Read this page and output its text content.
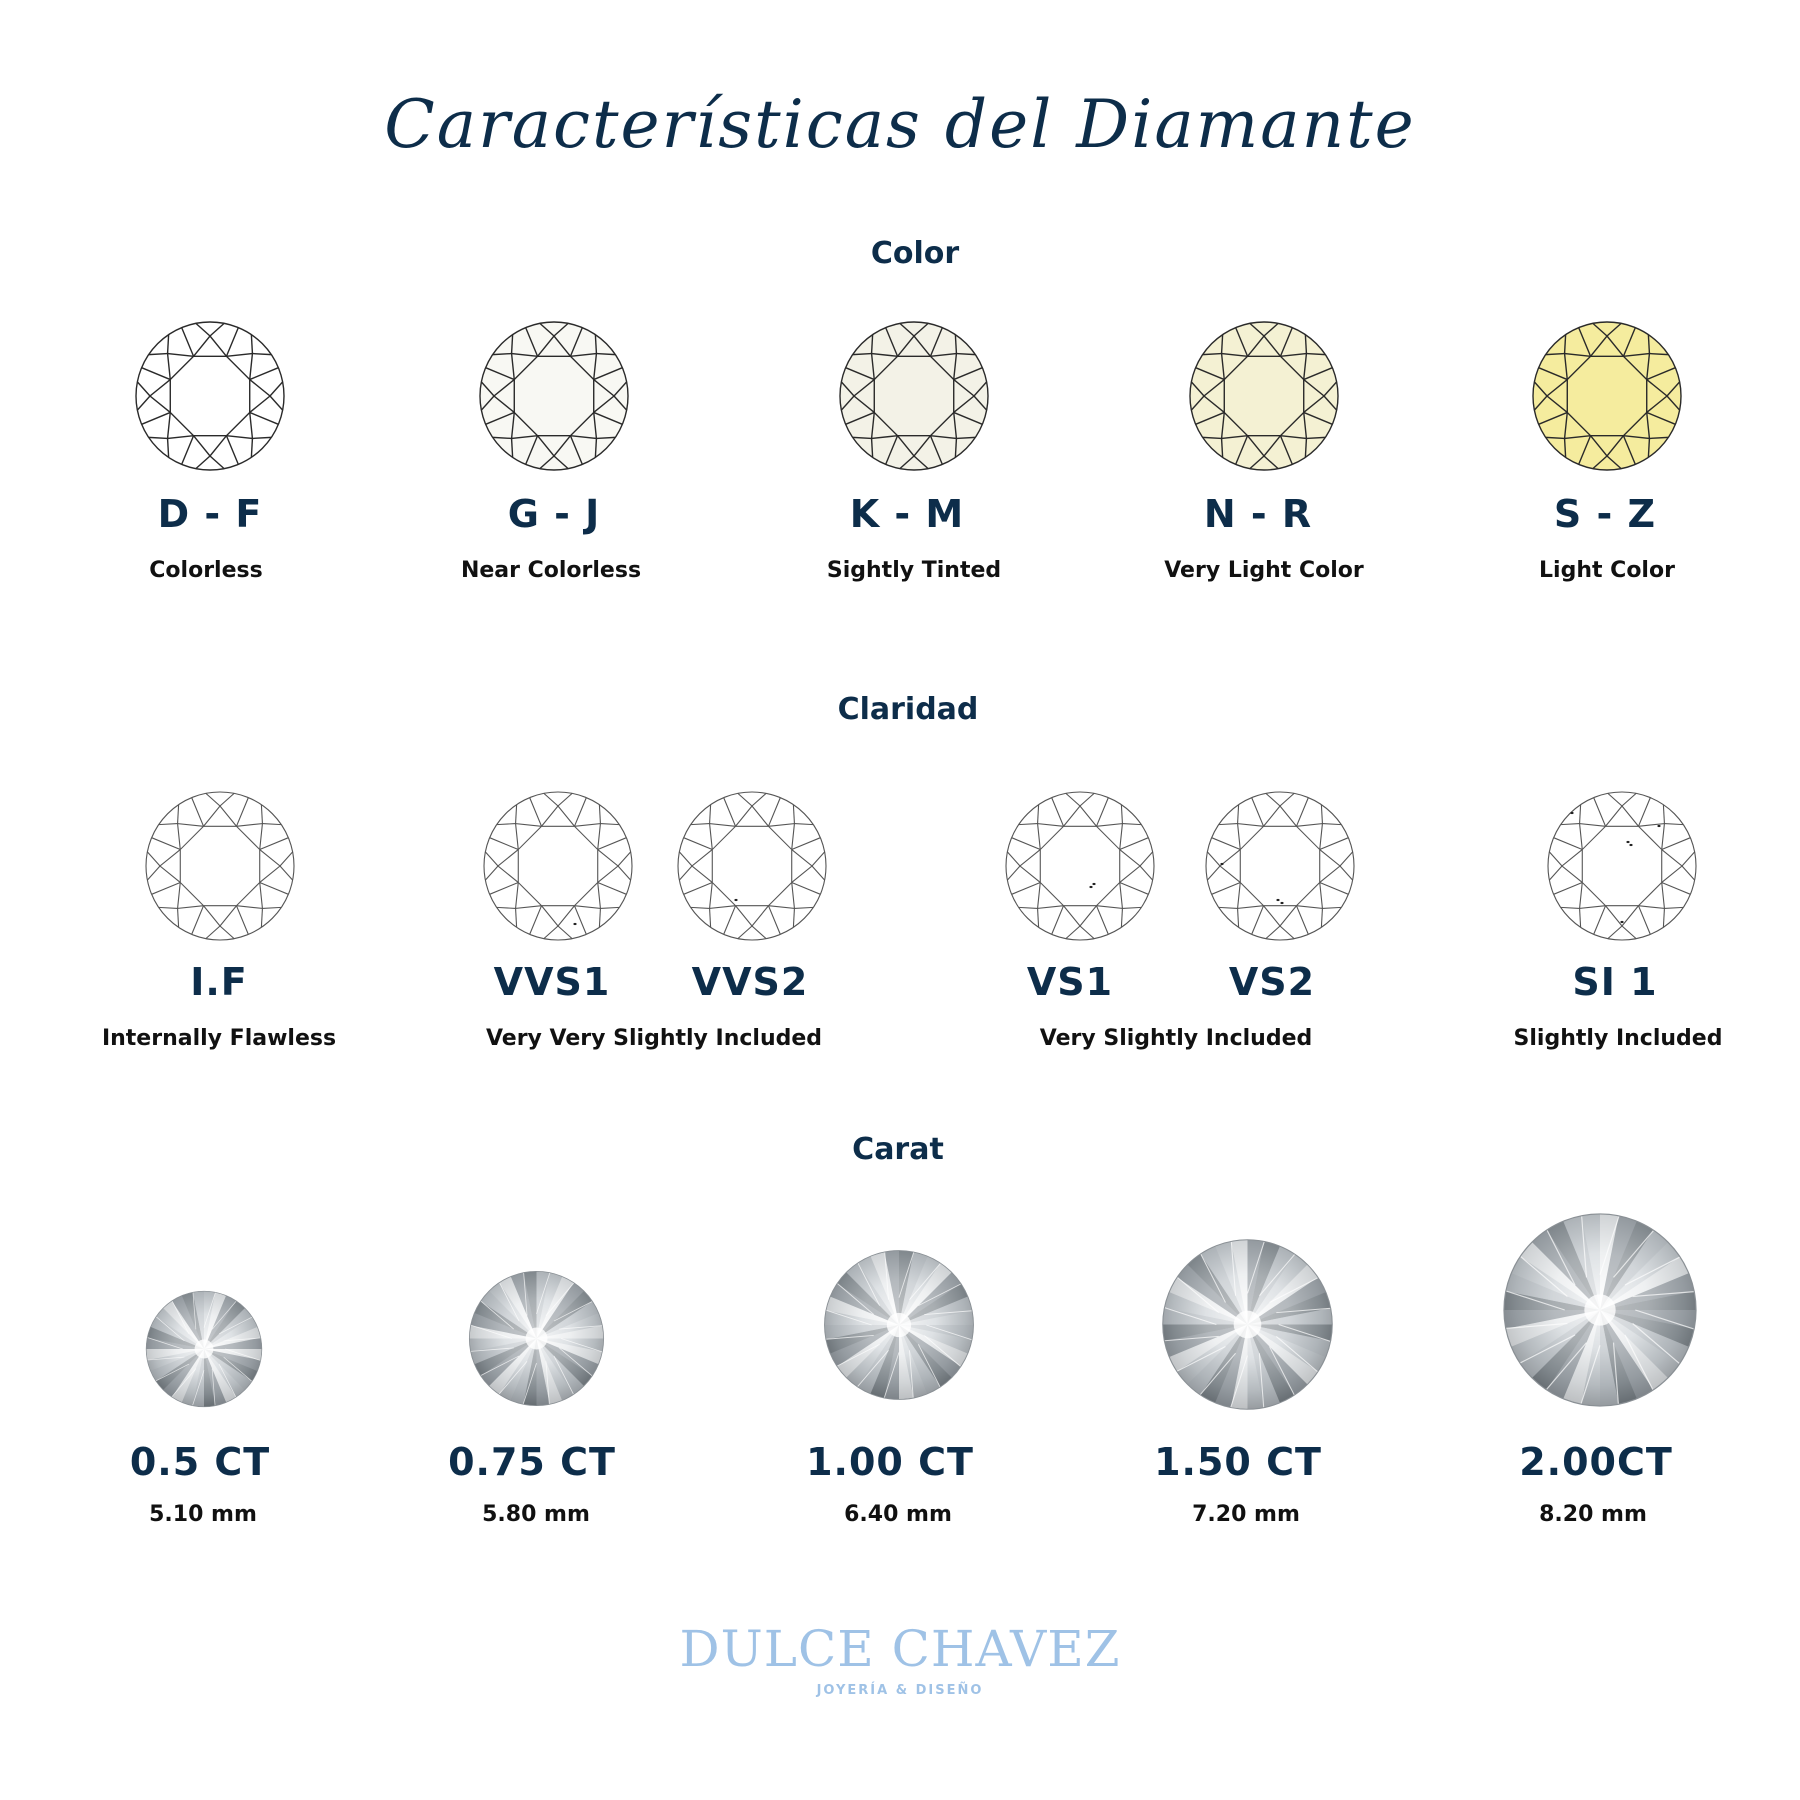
Características del Diamante
Color
D - F	G - J	K - M	N - R	S - Z
Colorless	Near Colorless	Sightly Tinted	Very Light Color	Light Color
Claridad
I.F	VVS1	VVS2	VS1	VS2	SI 1
Internally Flawless	Very Very Slightly Included	Very Slightly Included	Slightly Included
Carat
0.5 CT	0.75 CT	1.00 CT	1.50 CT	2.00CT
5.10 mm	5.80 mm	6.40 mm	7.20 mm	8.20 mm
DULCE CHAVEZ
JOYERÍA & DISEÑO
